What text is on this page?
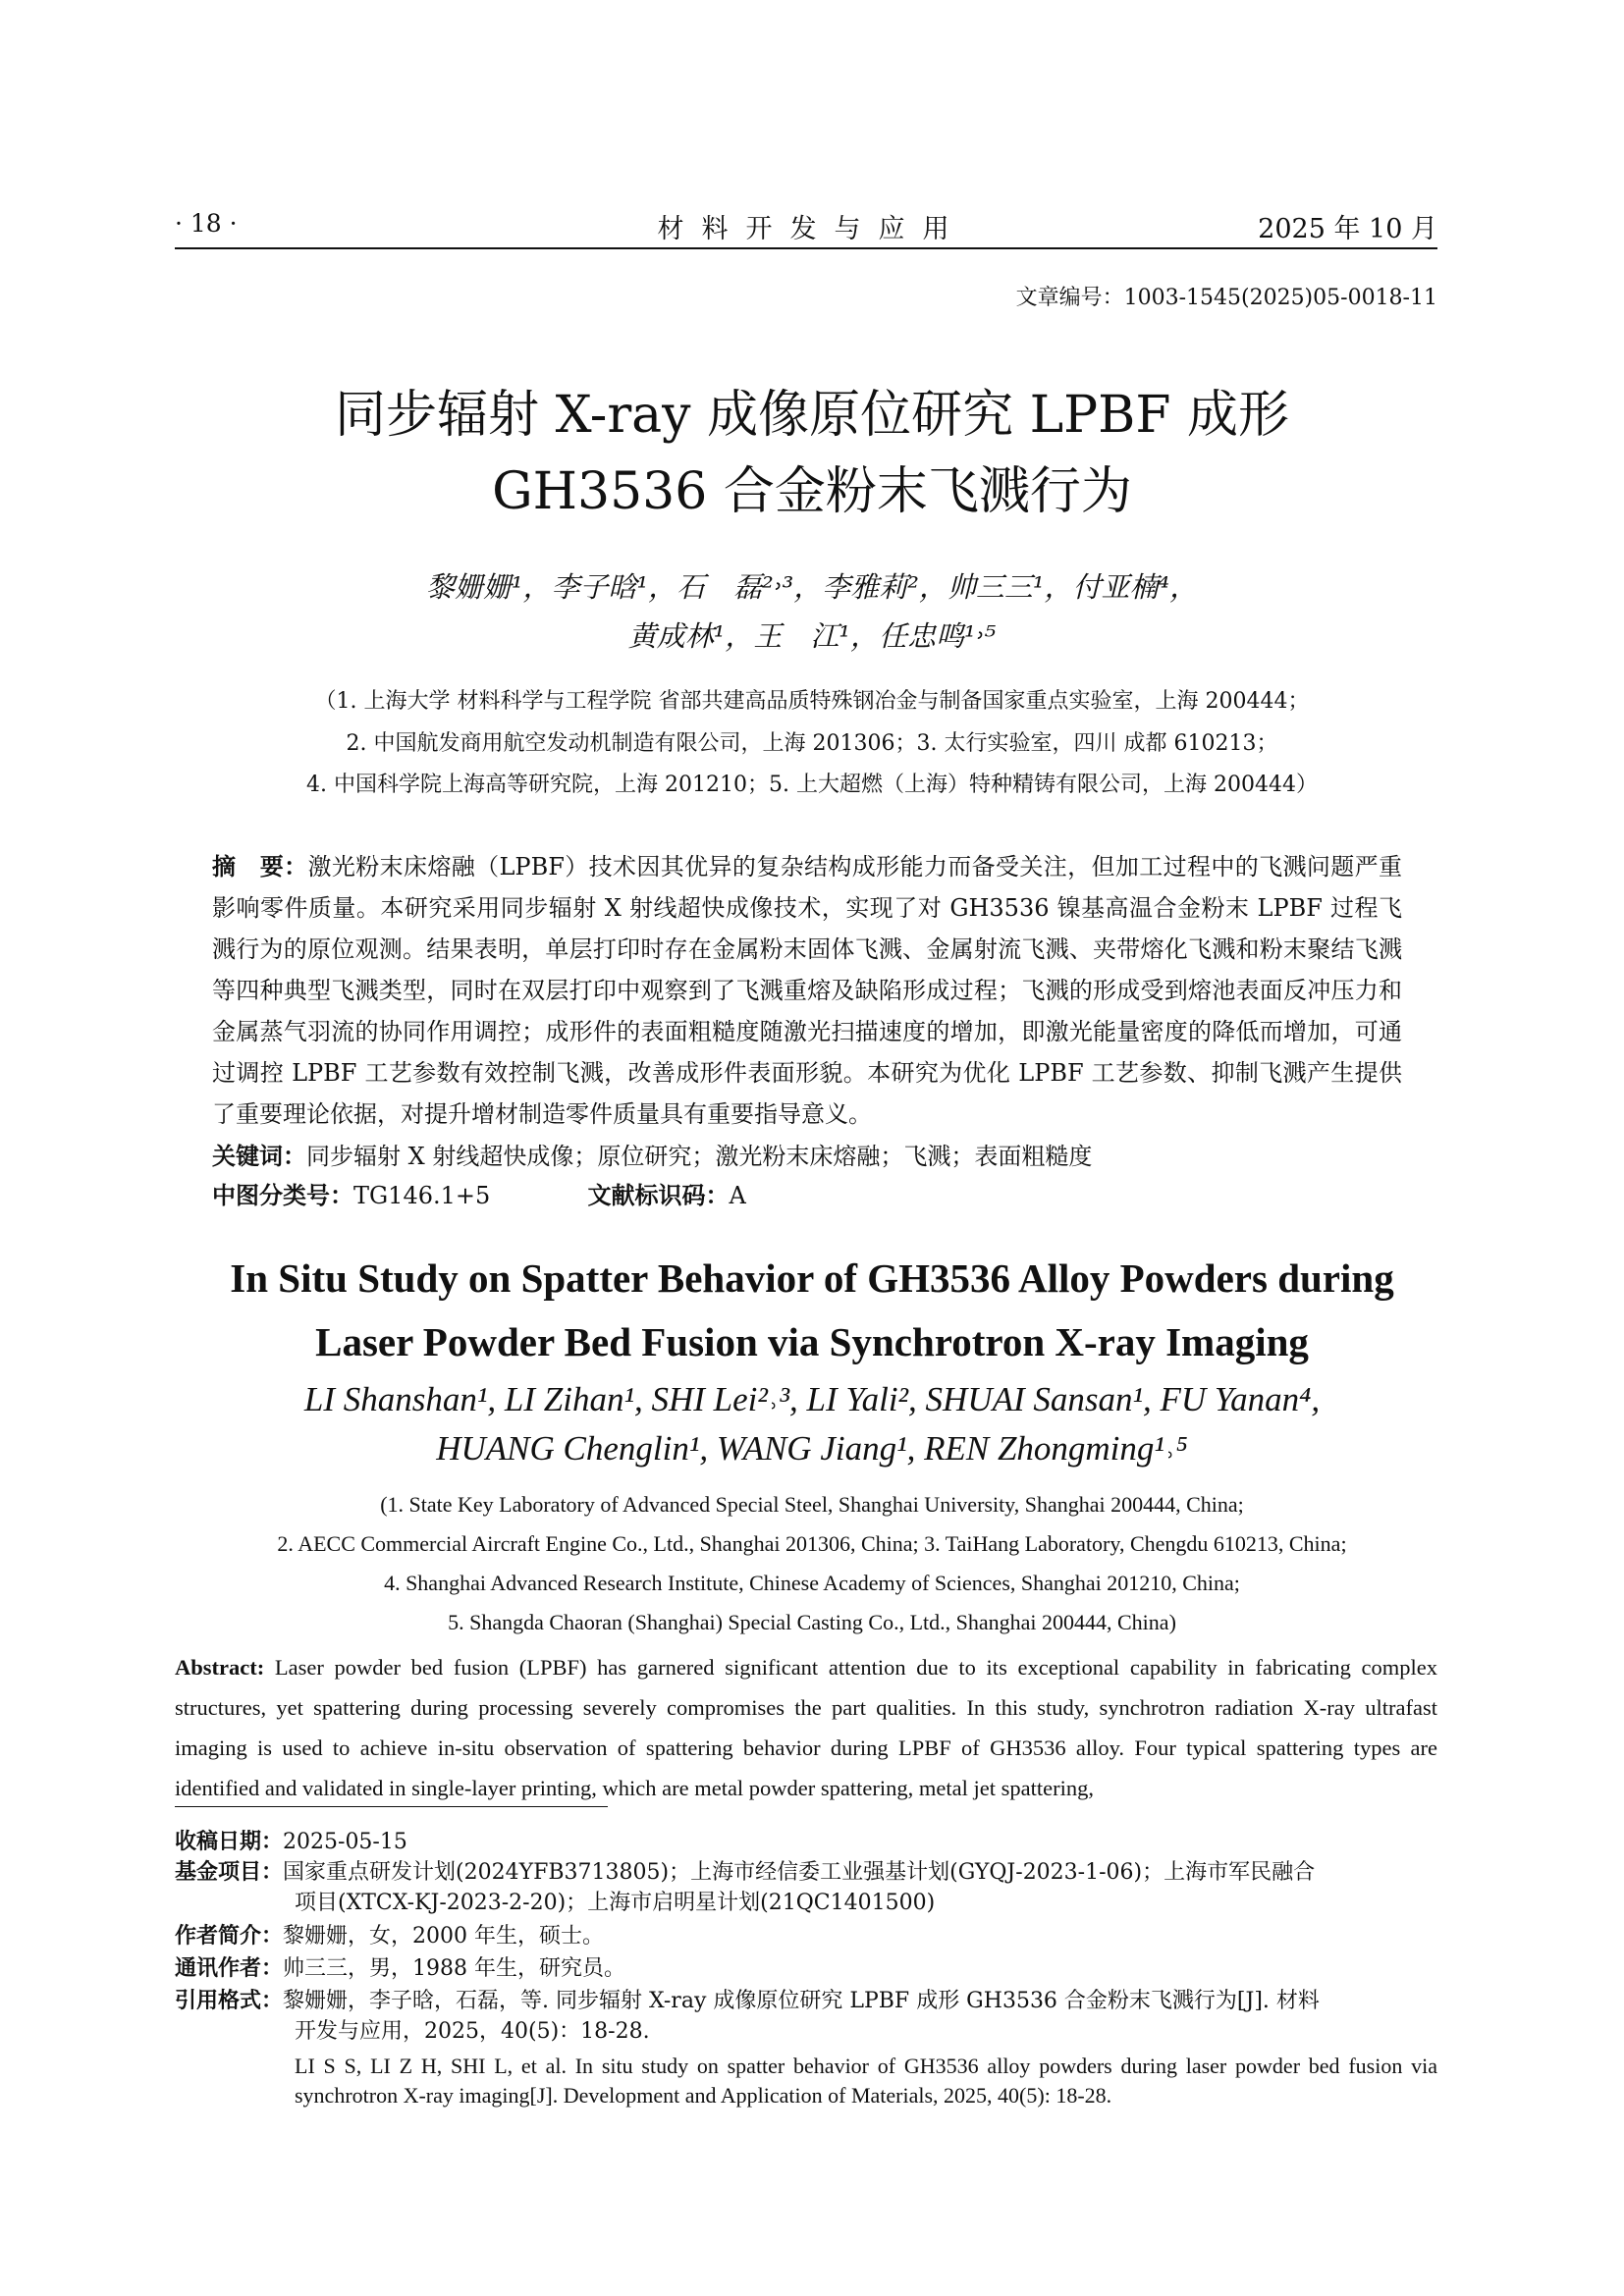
· 18 ·	材料开发与应用	2025 年 10 月
文章编号：1003-1545(2025)05-0018-11
同步辐射 X-ray 成像原位研究 LPBF 成形
GH3536 合金粉末飞溅行为
黎姗姗¹，李子晗¹，石　磊²˒³，李雅莉²，帅三三¹，付亚楠⁴，
黄成林¹，王　江¹，任忠鸣¹˒⁵
（1. 上海大学 材料科学与工程学院 省部共建高品质特殊钢冶金与制备国家重点实验室，上海 200444；
2. 中国航发商用航空发动机制造有限公司，上海 201306；3. 太行实验室，四川 成都 610213；
4. 中国科学院上海高等研究院，上海 201210；5. 上大超燃（上海）特种精铸有限公司，上海 200444）
摘　要：激光粉末床熔融（LPBF）技术因其优异的复杂结构成形能力而备受关注，但加工过程中的飞溅问题严重影响零件质量。本研究采用同步辐射 X 射线超快成像技术，实现了对 GH3536 镍基高温合金粉末 LPBF 过程飞溅行为的原位观测。结果表明，单层打印时存在金属粉末固体飞溅、金属射流飞溅、夹带熔化飞溅和粉末聚结飞溅等四种典型飞溅类型，同时在双层打印中观察到了飞溅重熔及缺陷形成过程；飞溅的形成受到熔池表面反冲压力和金属蒸气羽流的协同作用调控；成形件的表面粗糙度随激光扫描速度的增加，即激光能量密度的降低而增加，可通过调控 LPBF 工艺参数有效控制飞溅，改善成形件表面形貌。本研究为优化 LPBF 工艺参数、抑制飞溅产生提供了重要理论依据，对提升增材制造零件质量具有重要指导意义。
关键词：同步辐射 X 射线超快成像；原位研究；激光粉末床熔融；飞溅；表面粗糙度
中图分类号：TG146.1+5	文献标识码：A
In Situ Study on Spatter Behavior of GH3536 Alloy Powders during
Laser Powder Bed Fusion via Synchrotron X-ray Imaging
LI Shanshan¹, LI Zihan¹, SHI Lei²˒³, LI Yali², SHUAI Sansan¹, FU Yanan⁴,
HUANG Chenglin¹, WANG Jiang¹, REN Zhongming¹˒⁵
(1. State Key Laboratory of Advanced Special Steel, Shanghai University, Shanghai 200444, China;
2. AECC Commercial Aircraft Engine Co., Ltd., Shanghai 201306, China; 3. TaiHang Laboratory, Chengdu 610213, China;
4. Shanghai Advanced Research Institute, Chinese Academy of Sciences, Shanghai 201210, China;
5. Shangda Chaoran (Shanghai) Special Casting Co., Ltd., Shanghai 200444, China)
Abstract: Laser powder bed fusion (LPBF) has garnered significant attention due to its exceptional capability in fabricating complex structures, yet spattering during processing severely compromises the part qualities. In this study, synchrotron radiation X-ray ultrafast imaging is used to achieve in-situ observation of spattering behavior during LPBF of GH3536 alloy. Four typical spattering types are identified and validated in single-layer printing, which are metal powder spattering, metal jet spattering,
收稿日期：2025-05-15
基金项目：国家重点研发计划(2024YFB3713805)；上海市经信委工业强基计划(GYQJ-2023-1-06)；上海市军民融合
项目(XTCX-KJ-2023-2-20)；上海市启明星计划(21QC1401500)
作者简介：黎姗姗，女，2000 年生，硕士。
通讯作者：帅三三，男，1988 年生，研究员。
引用格式：黎姗姗，李子晗，石磊，等. 同步辐射 X-ray 成像原位研究 LPBF 成形 GH3536 合金粉末飞溅行为[J]. 材料
开发与应用，2025，40(5)：18-28.
LI S S, LI Z H, SHI L, et al. In situ study on spatter behavior of GH3536 alloy powders during laser powder bed fusion via synchrotron X-ray imaging[J]. Development and Application of Materials, 2025, 40(5): 18-28.
